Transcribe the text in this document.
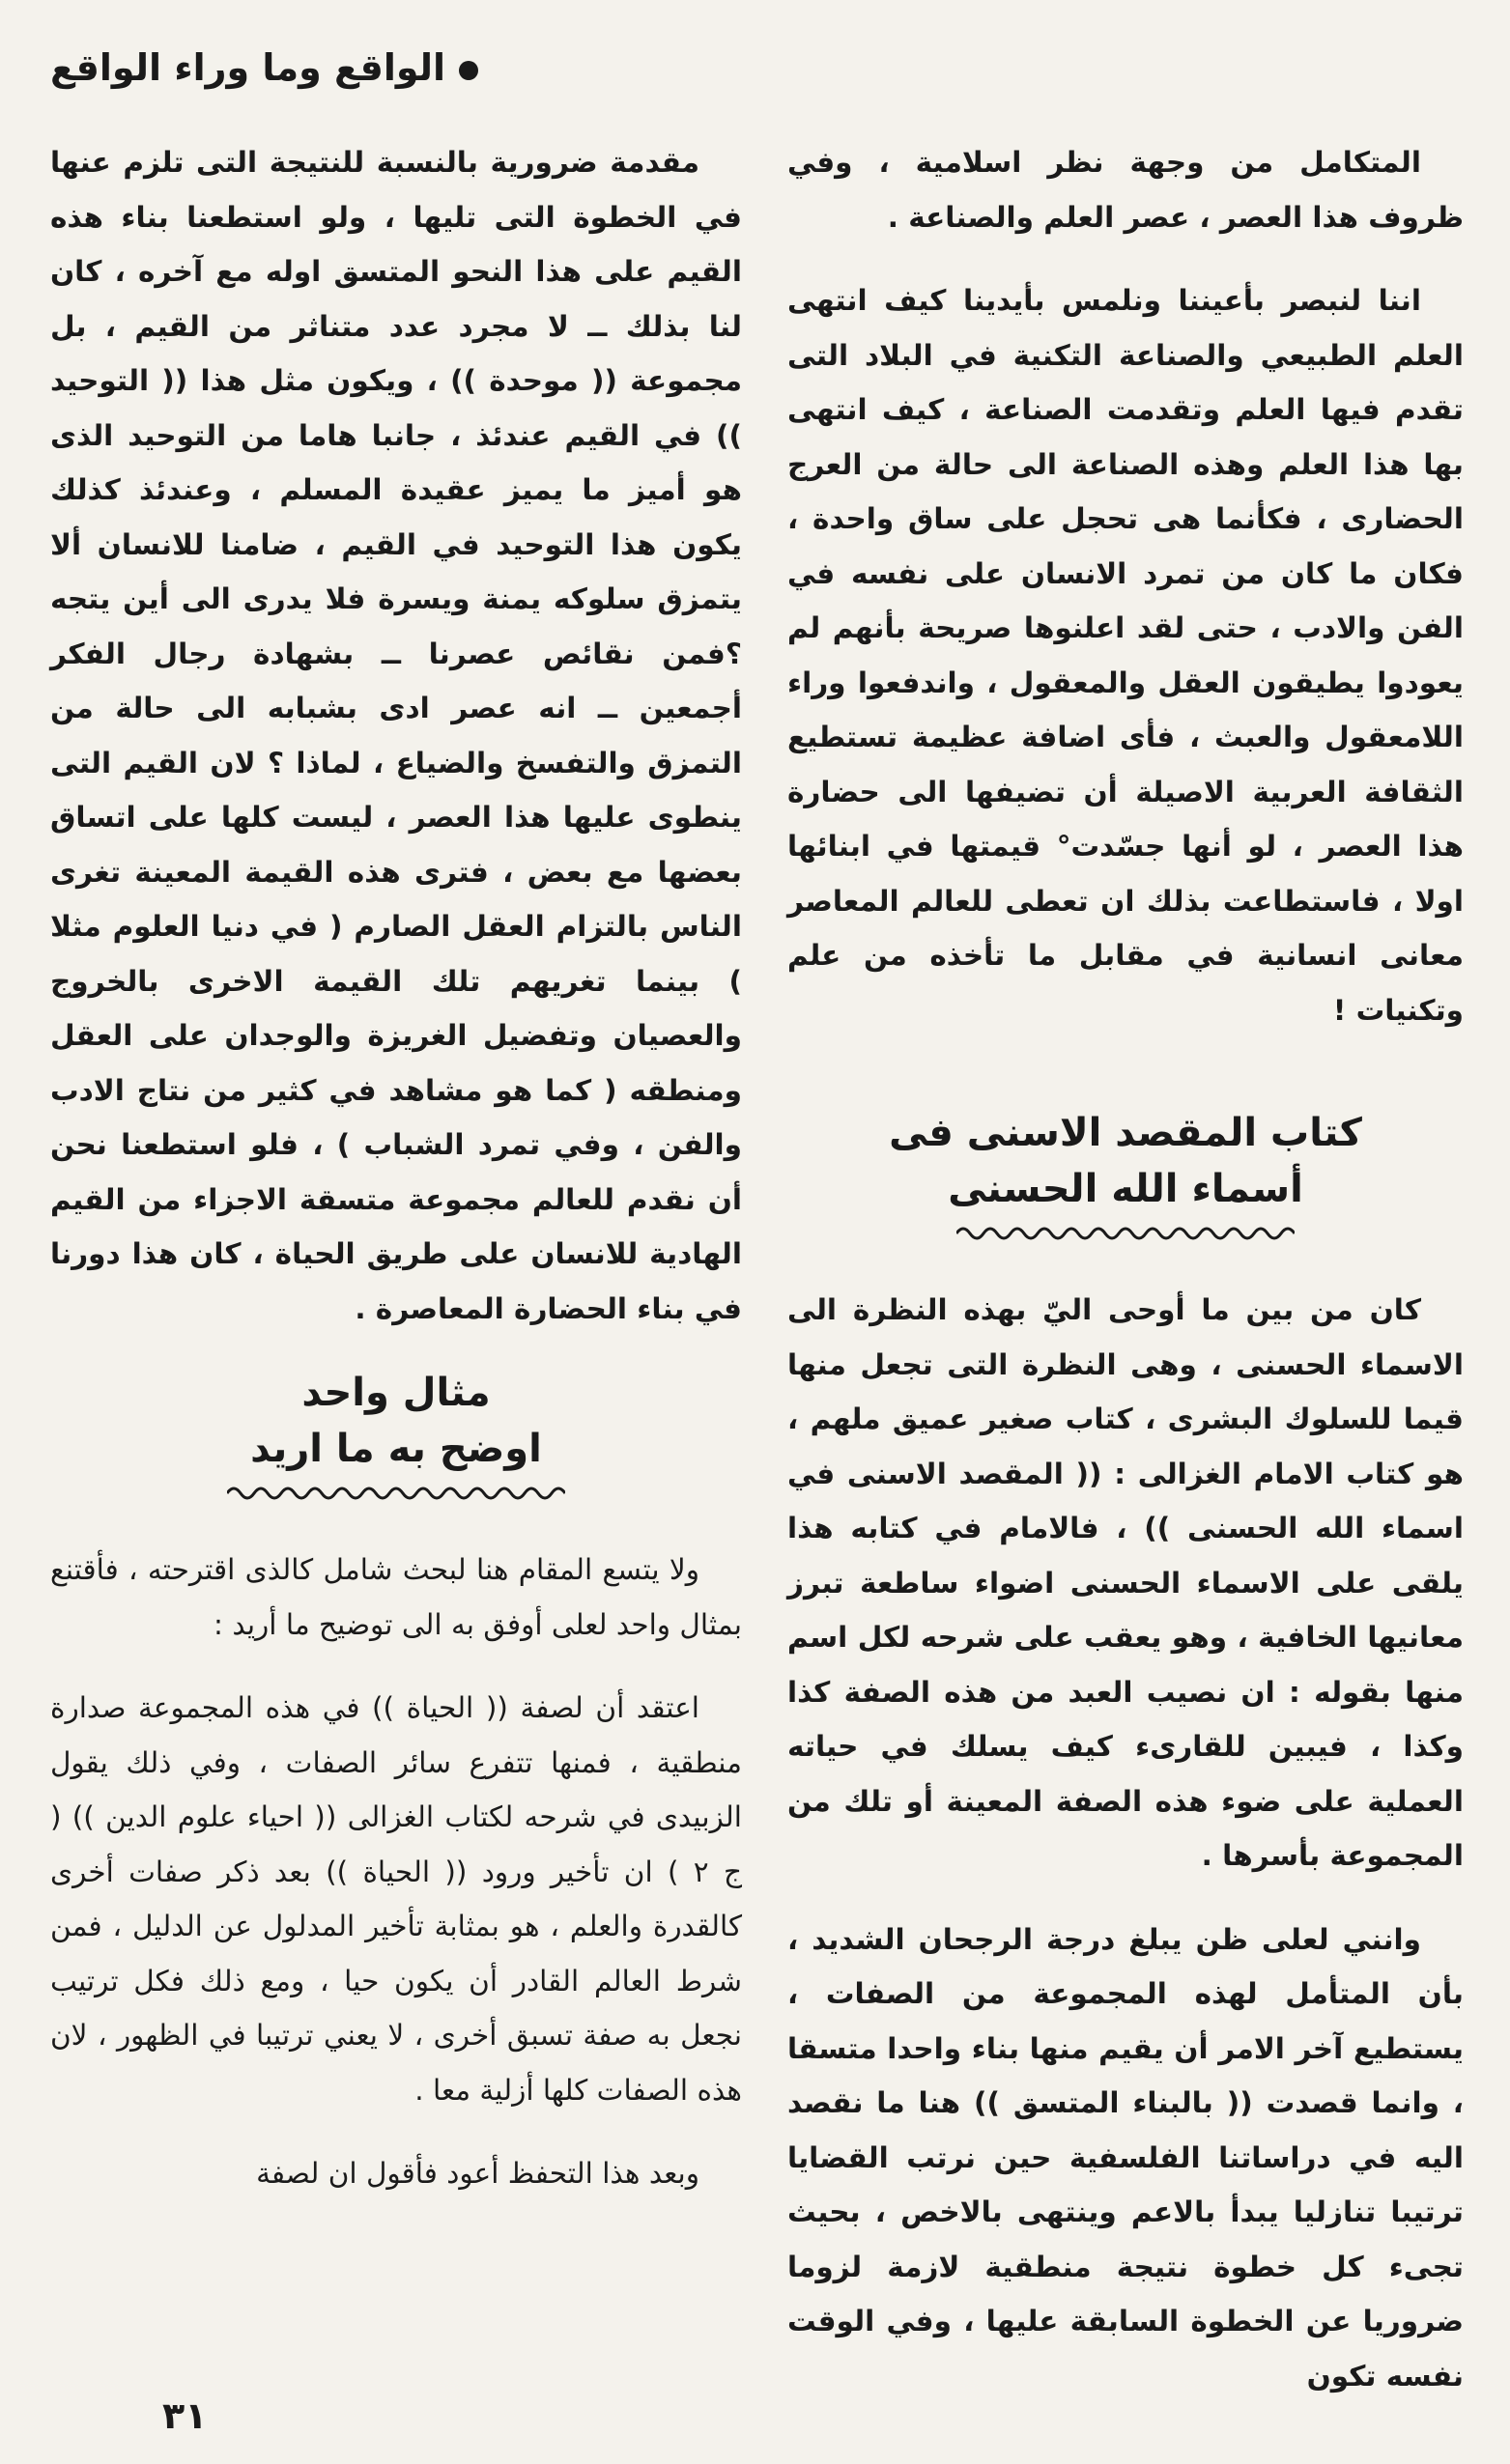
الواقع وما وراء الواقع

المتكامل من وجهة نظر اسلامية ، وفي ظروف هذا العصر ، عصر العلم والصناعة .

اننا لنبصر بأعيننا ونلمس بأيدينا كيف انتهى العلم الطبيعي والصناعة التكنية في البلاد التى تقدم فيها العلم وتقدمت الصناعة ، كيف انتهى بها هذا العلم وهذه الصناعة الى حالة من العرج الحضارى ، فكأنما هى تحجل على ساق واحدة ، فكان ما كان من تمرد الانسان على نفسه في الفن والادب ، حتى لقد اعلنوها صريحة بأنهم لم يعودوا يطيقون العقل والمعقول ، واندفعوا وراء اللامعقول والعبث ، فأى اضافة عظيمة تستطيع الثقافة العربية الاصيلة أن تضيفها الى حضارة هذا العصر ، لو أنها جسّدت° قيمتها في ابنائها اولا ، فاستطاعت بذلك ان تعطى للعالم المعاصر معانى انسانية في مقابل ما تأخذه من علم وتكنيات !

كتاب المقصد الاسنى فى
أسماء الله الحسنى

كان من بين ما أوحى اليّ بهذه النظرة الى الاسماء الحسنى ، وهى النظرة التى تجعل منها قيما للسلوك البشرى ، كتاب صغير عميق ملهم ، هو كتاب الامام الغزالى : (( المقصد الاسنى في اسماء الله الحسنى )) ، فالامام في كتابه هذا يلقى على الاسماء الحسنى اضواء ساطعة تبرز معانيها الخافية ، وهو يعقب على شرحه لكل اسم منها بقوله : ان نصيب العبد من هذه الصفة كذا وكذا ، فيبين للقارىء كيف يسلك في حياته العملية على ضوء هذه الصفة المعينة أو تلك من المجموعة بأسرها .

وانني لعلى ظن يبلغ درجة الرجحان الشديد ، بأن المتأمل لهذه المجموعة من الصفات ، يستطيع آخر الامر أن يقيم منها بناء واحدا متسقا ، وانما قصدت (( بالبناء المتسق )) هنا ما نقصد اليه في دراساتنا الفلسفية حين نرتب القضايا ترتيبا تنازليا يبدأ بالاعم وينتهى بالاخص ، بحيث تجىء كل خطوة نتيجة منطقية لازمة لزوما ضروريا عن الخطوة السابقة عليها ، وفي الوقت نفسه تكون

مقدمة ضرورية بالنسبة للنتيجة التى تلزم عنها في الخطوة التى تليها ، ولو استطعنا بناء هذه القيم على هذا النحو المتسق اوله مع آخره ، كان لنا بذلك ــ لا مجرد عدد متناثر من القيم ، بل مجموعة (( موحدة )) ، ويكون مثل هذا (( التوحيد )) في القيم عندئذ ، جانبا هاما من التوحيد الذى هو أميز ما يميز عقيدة المسلم ، وعندئذ كذلك يكون هذا التوحيد في القيم ، ضامنا للانسان ألا يتمزق سلوكه يمنة ويسرة فلا يدرى الى أين يتجه ؟فمن نقائص عصرنا ــ بشهادة رجال الفكر أجمعين ــ انه عصر ادى بشبابه الى حالة من التمزق والتفسخ والضياع ، لماذا ؟ لان القيم التى ينطوى عليها هذا العصر ، ليست كلها على اتساق بعضها مع بعض ، فترى هذه القيمة المعينة تغرى الناس بالتزام العقل الصارم ( في دنيا العلوم مثلا ) بينما تغريهم تلك القيمة الاخرى بالخروج والعصيان وتفضيل الغريزة والوجدان على العقل ومنطقه ( كما هو مشاهد في كثير من نتاج الادب والفن ، وفي تمرد الشباب ) ، فلو استطعنا نحن أن نقدم للعالم مجموعة متسقة الاجزاء من القيم الهادية للانسان على طريق الحياة ، كان هذا دورنا في بناء الحضارة المعاصرة .

مثال واحد
اوضح به ما اريد

ولا يتسع المقام هنا لبحث شامل كالذى اقترحته ، فأقتنع بمثال واحد لعلى أوفق به الى توضيح ما أريد :

اعتقد أن لصفة (( الحياة )) في هذه المجموعة صدارة منطقية ، فمنها تتفرع سائر الصفات ، وفي ذلك يقول الزبيدى في شرحه لكتاب الغزالى (( احياء علوم الدين )) ( ج ٢ ) ان تأخير ورود (( الحياة )) بعد ذكر صفات أخرى كالقدرة والعلم ، هو بمثابة تأخير المدلول عن الدليل ، فمن شرط العالم القادر أن يكون حيا ، ومع ذلك فكل ترتيب نجعل به صفة تسبق أخرى ، لا يعني ترتيبا في الظهور ، لان هذه الصفات كلها أزلية معا .

وبعد هذا التحفظ أعود فأقول ان لصفة

٣١
